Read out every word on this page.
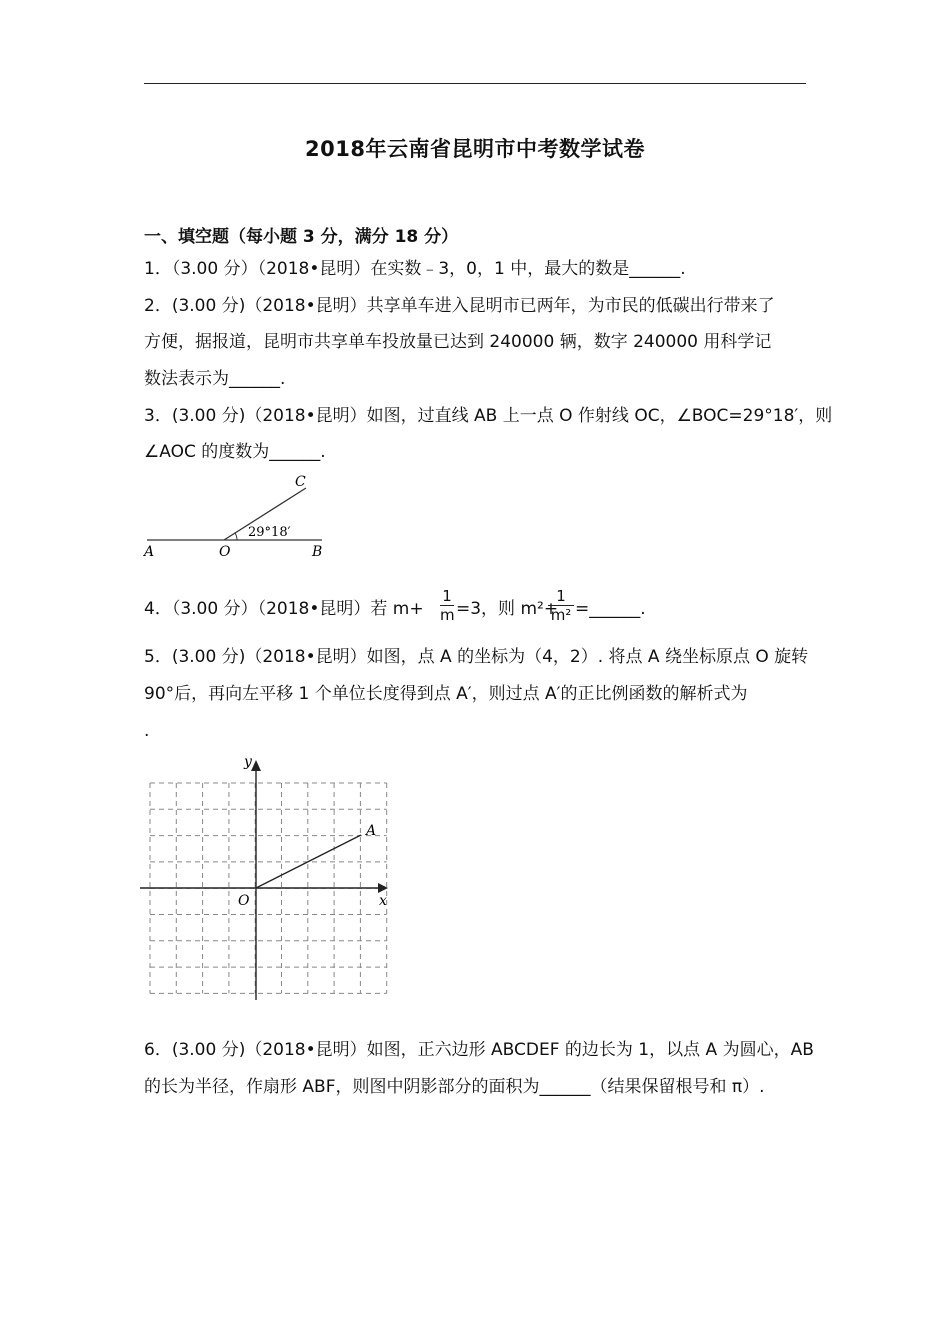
2018年云南省昆明市中考数学试卷
一、填空题（每小题 3 分，满分 18 分）
1．（3.00 分）（2018•昆明）在实数﹣3，0，1 中，最大的数是______.
2．(3.00 分)（2018•昆明）共享单车进入昆明市已两年，为市民的低碳出行带来了
方便，据报道，昆明市共享单车投放量已达到 240000 辆，数字 240000 用科学记
数法表示为______.
3．(3.00 分)（2018•昆明）如图，过直线 AB 上一点 O 作射线 OC，∠BOC=29°18′，则
∠AOC 的度数为______.
A	O	B
C
29°18′
4．（3.00 分）（2018•昆明）若 m+
1
m =3，则 m²+
1
m² =______.
5．(3.00 分)（2018•昆明）如图，点 A 的坐标为（4，2）. 将点 A 绕坐标原点 O 旋转
90°后，再向左平移 1 个单位长度得到点 A′，则过点 A′的正比例函数的解析式为
.
y
x
O
A
6．(3.00 分)（2018•昆明）如图，正六边形 ABCDEF 的边长为 1，以点 A 为圆心，AB
的长为半径，作扇形 ABF，则图中阴影部分的面积为______（结果保留根号和 π）.
